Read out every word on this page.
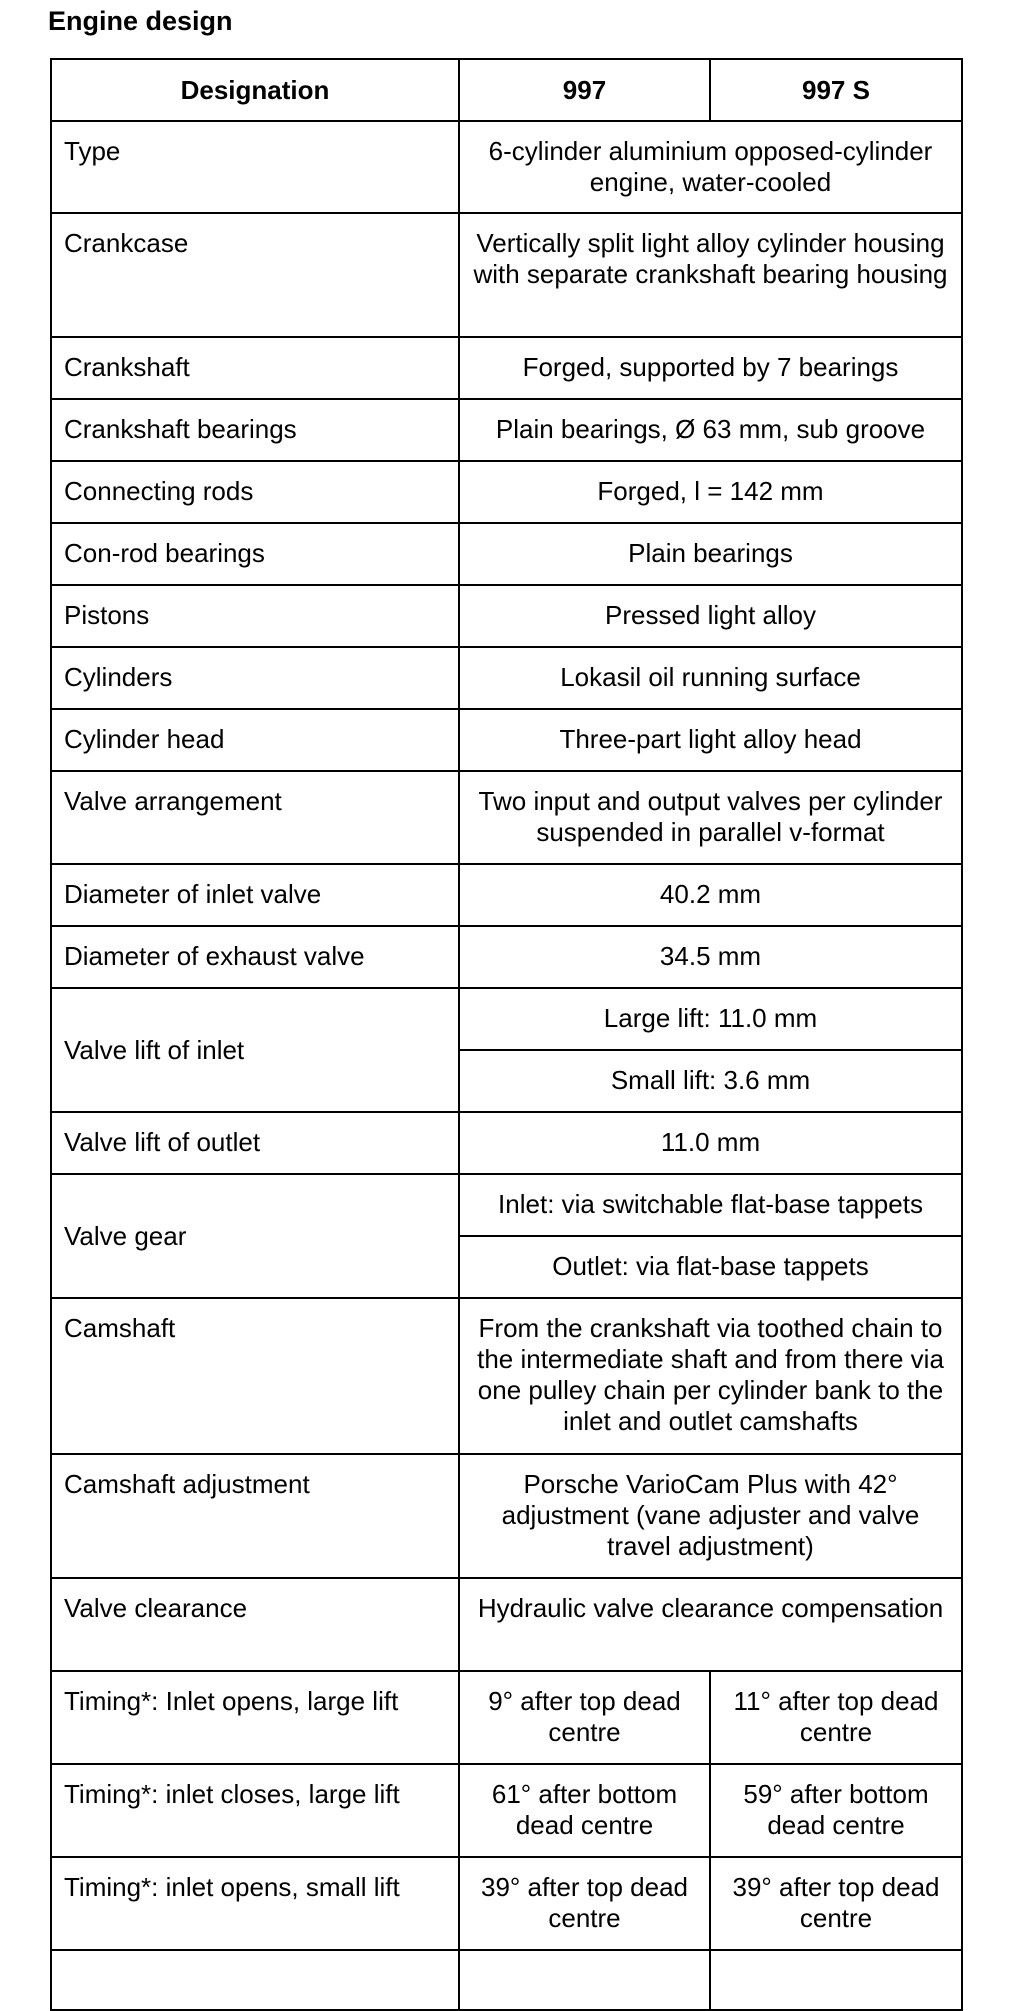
Engine design
Designation	997	997 S
Type	6-cylinder aluminium opposed-cylinder engine, water-cooled	
Crankcase	Vertically split light alloy cylinder housing with separate crankshaft bearing housing	
Crankshaft	Forged, supported by 7 bearings	
Crankshaft bearings	Plain bearings, Ø 63 mm, sub groove	
Connecting rods	Forged, l = 142 mm	
Con-rod bearings	Plain bearings	
Pistons	Pressed light alloy	
Cylinders	Lokasil oil running surface	
Cylinder head	Three-part light alloy head	
Valve arrangement	Two input and output valves per cylinder suspended in parallel v-format	
Diameter of inlet valve	40.2 mm	
Diameter of exhaust valve	34.5 mm	
Valve lift of inlet	Large lift: 11.0 mm	
	Small lift: 3.6 mm	
Valve lift of outlet	11.0 mm	
Valve gear	Inlet: via switchable flat-base tappets	
	Outlet: via flat-base tappets	
Camshaft	From the crankshaft via toothed chain to the intermediate shaft and from there via one pulley chain per cylinder bank to the inlet and outlet camshafts	
Camshaft adjustment	Porsche VarioCam Plus with 42° adjustment (vane adjuster and valve travel adjustment)	
Valve clearance	Hydraulic valve clearance compensation	
Timing*: Inlet opens, large lift	9° after top dead centre	11° after top dead centre
Timing*: inlet closes, large lift	61° after bottom dead centre	59° after bottom dead centre
Timing*: inlet opens, small lift	39° after top dead centre	39° after top dead centre
